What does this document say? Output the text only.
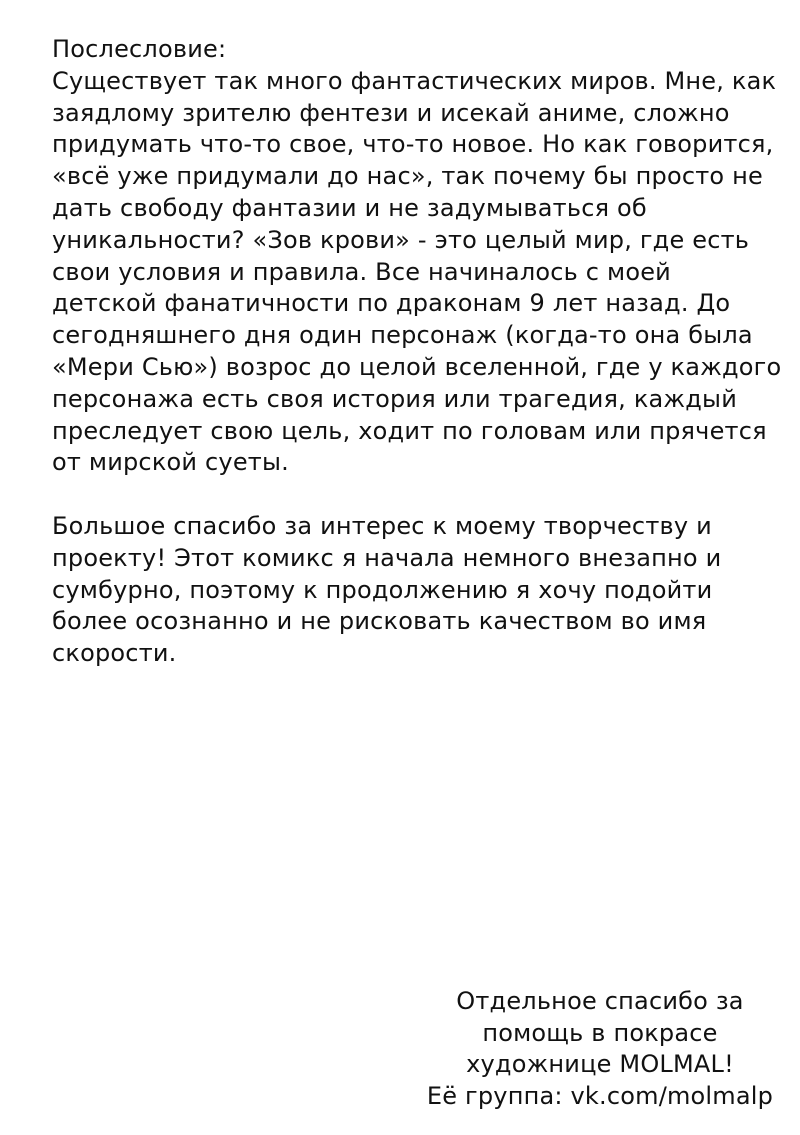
Послесловие:

Существует так много фантастических миров. Мне, как
заядлому зрителю фентези и исекай аниме, сложно
придумать что-то свое, что-то новое. Но как говорится,
«всё уже придумали до нас», так почему бы просто не
дать свободу фантазии и не задумываться об
уникальности? «Зов крови» - это целый мир, где есть
свои условия и правила. Все начиналось с моей
детской фанатичности по драконам 9 лет назад. До
сегодняшнего дня один персонаж (когда-то она была
«Мери Сью») возрос до целой вселенной, где у каждого
персонажа есть своя история или трагедия, каждый
преследует свою цель, ходит по головам или прячется
от мирской суеты.

Большое спасибо за интерес к моему творчеству и
проекту! Этот комикс я начала немного внезапно и
сумбурно, поэтому к продолжению я хочу подойти
более осознанно и не рисковать качеством во имя
скорости.

Отдельное спасибо за
помощь в покрасе
художнице MOLMAL!
Её группа: vk.com/molmalp
